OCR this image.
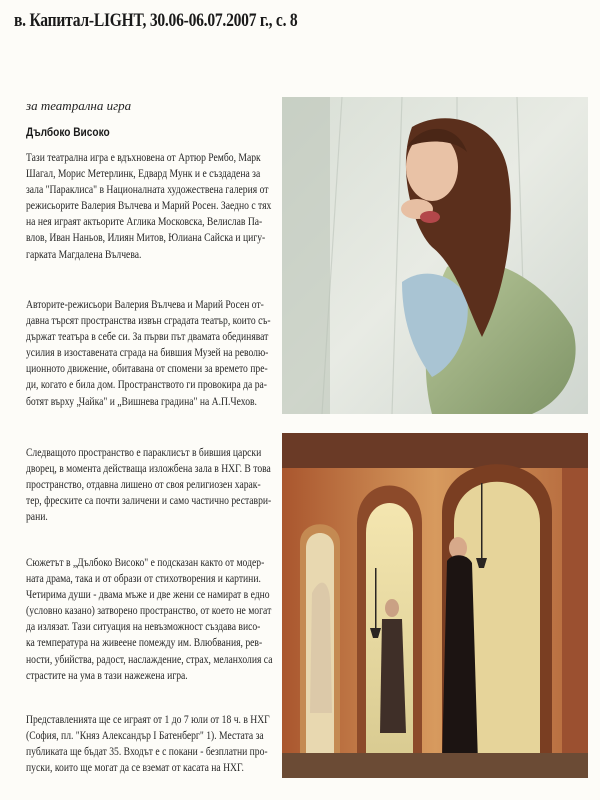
в. Капитал-LIGHT, 30.06-06.07.2007 г., с. 8
за театрална игра
Дълбоко Високо

Тази театрална игра е вдъхновена от Артюр Рембо, Марк
Шагал, Морис Метерлинк, Едвард Мунк и е създадена за
зала "Параклиса" в Националната художествена галерия от
режисьорите Валерия Вълчева и Марий Росен. Заедно с тях
на нея играят актьорите Аглика Московска, Велислав Па-
влов, Иван Наньов, Илиян Митов, Юлиана Сайска и цигу-
гарката Магдалена Вълчева.

Авторите-режисьори Валерия Вълчева и Марий Росен от-
давна търсят пространства извън сградата театър, които съ-
държат театъра в себе си. За първи път двамата обединяват
усилия в изоставената сграда на бившия Музей на револю-
ционното движение, обитавана от спомени за времето пре-
ди, когато е била дом. Пространството ги провокира да ра-
ботят върху „Чайка" и „Вишнева градина" на А.П.Чехов.

Следващото пространство е параклисът в бившия царски
дворец, в момента действаща изложбена зала в НХГ. В това
пространство, отдавна лишено от своя религиозен харак-
тер, фреските са почти заличени и само частично реставри-
рани.

Сюжетът в „Дълбоко Високо" е подсказан както от модер-
ната драма, така и от образи от стихотворения и картини.
Четирима души - двама мъже и две жени се намират в едно
(условно казано) затворено пространство, от което не могат
да излязат. Тази ситуация на невъзможност създава висо-
ка температура на живеене помежду им. Влюбвания, рев-
ности, убийства, радост, наслаждение, страх, меланхолия са
страстите на ума в тази нажежена игра.

Представленията ще се играят от 1 до 7 юли от 18 ч. в НХГ
(София, пл. "Княз Александър I Батенберг" 1). Местата за
публиката ще бъдат 35. Входът е с покани - безплатни про-
пуски, които ще могат да се вземат от касата на НХГ.
